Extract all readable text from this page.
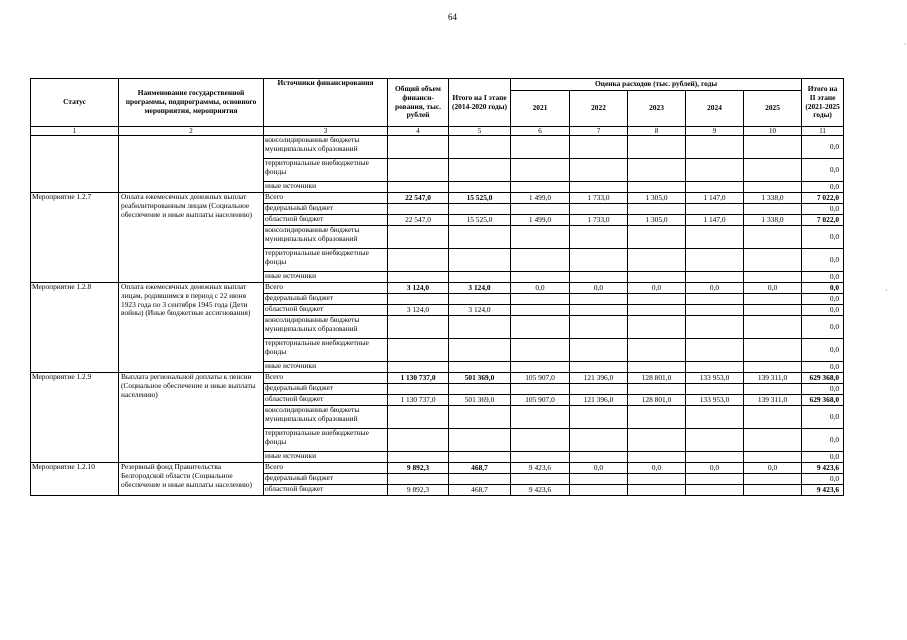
64
Статус	Наименование государственной программы, подпрограммы, основного мероприятия, мероприятия	Источники финансирования	Общий объем финанси-рования, тыс. рублей	Итого на I этапе (2014-2020 годы)	Оценка расходов (тыс. рублей), годы					Итого на II этапе (2021-2025 годы)
					2021	2022	2023	2024	2025	
1	2	3	4	5	6	7	8	9	10	11
		консолидированные бюджеты муниципальных образований								0,0
		территориальные внебюджетные фонды								0,0
		иные источники								0,0
Мероприятие 1.2.7	Оплата ежемесячных денежных выплат реабилитированным лицам (Социальное обеспечение и иные выплаты населению)	Всего	22 547,0	15 525,0	1 499,0	1 733,0	1 305,0	1 147,0	1 338,0	7 022,0
		федеральный бюджет								0,0
		областной бюджет	22 547,0	15 525,0	1 499,0	1 733,0	1 305,0	1 147,0	1 338,0	7 022,0
		консолидированные бюджеты муниципальных образований								0,0
		территориальные внебюджетные фонды								0,0
		иные источники								0,0
Мероприятие 1.2.8	Оплата ежемесячных денежных выплат лицам, родившимся в период с 22 июня 1923 года по 3 сентября 1945 года (Дети войны) (Иные бюджетные ассигнования)	Всего	3 124,0	3 124,0	0,0	0,0	0,0	0,0	0,0	0,0
		федеральный бюджет								0,0
		областной бюджет	3 124,0	3 124,0						0,0
		консолидированные бюджеты муниципальных образований								0,0
		территориальные внебюджетные фонды								0,0
		иные источники								0,0
Мероприятие 1.2.9	Выплата региональной доплаты к пенсии (Социальное обеспечение и иные выплаты населению)	Всего	1 130 737,0	501 369,0	105 907,0	121 396,0	128 801,0	133 953,0	139 311,0	629 368,0
		федеральный бюджет								0,0
		областной бюджет	1 130 737,0	501 369,0	105 907,0	121 396,0	128 801,0	133 953,0	139 311,0	629 368,0
		консолидированные бюджеты муниципальных образований								0,0
		территориальные внебюджетные фонды								0,0
		иные источники								0,0
Мероприятие 1.2.10	Резервный фонд Правительства Белгородской области (Социальное обеспечение и иные выплаты населению)	Всего	9 892,3	468,7	9 423,6	0,0	0,0	0,0	0,0	9 423,6
		федеральный бюджет								0,0
		областной бюджет	9 892,3	468,7	9 423,6					9 423,6
·
·
